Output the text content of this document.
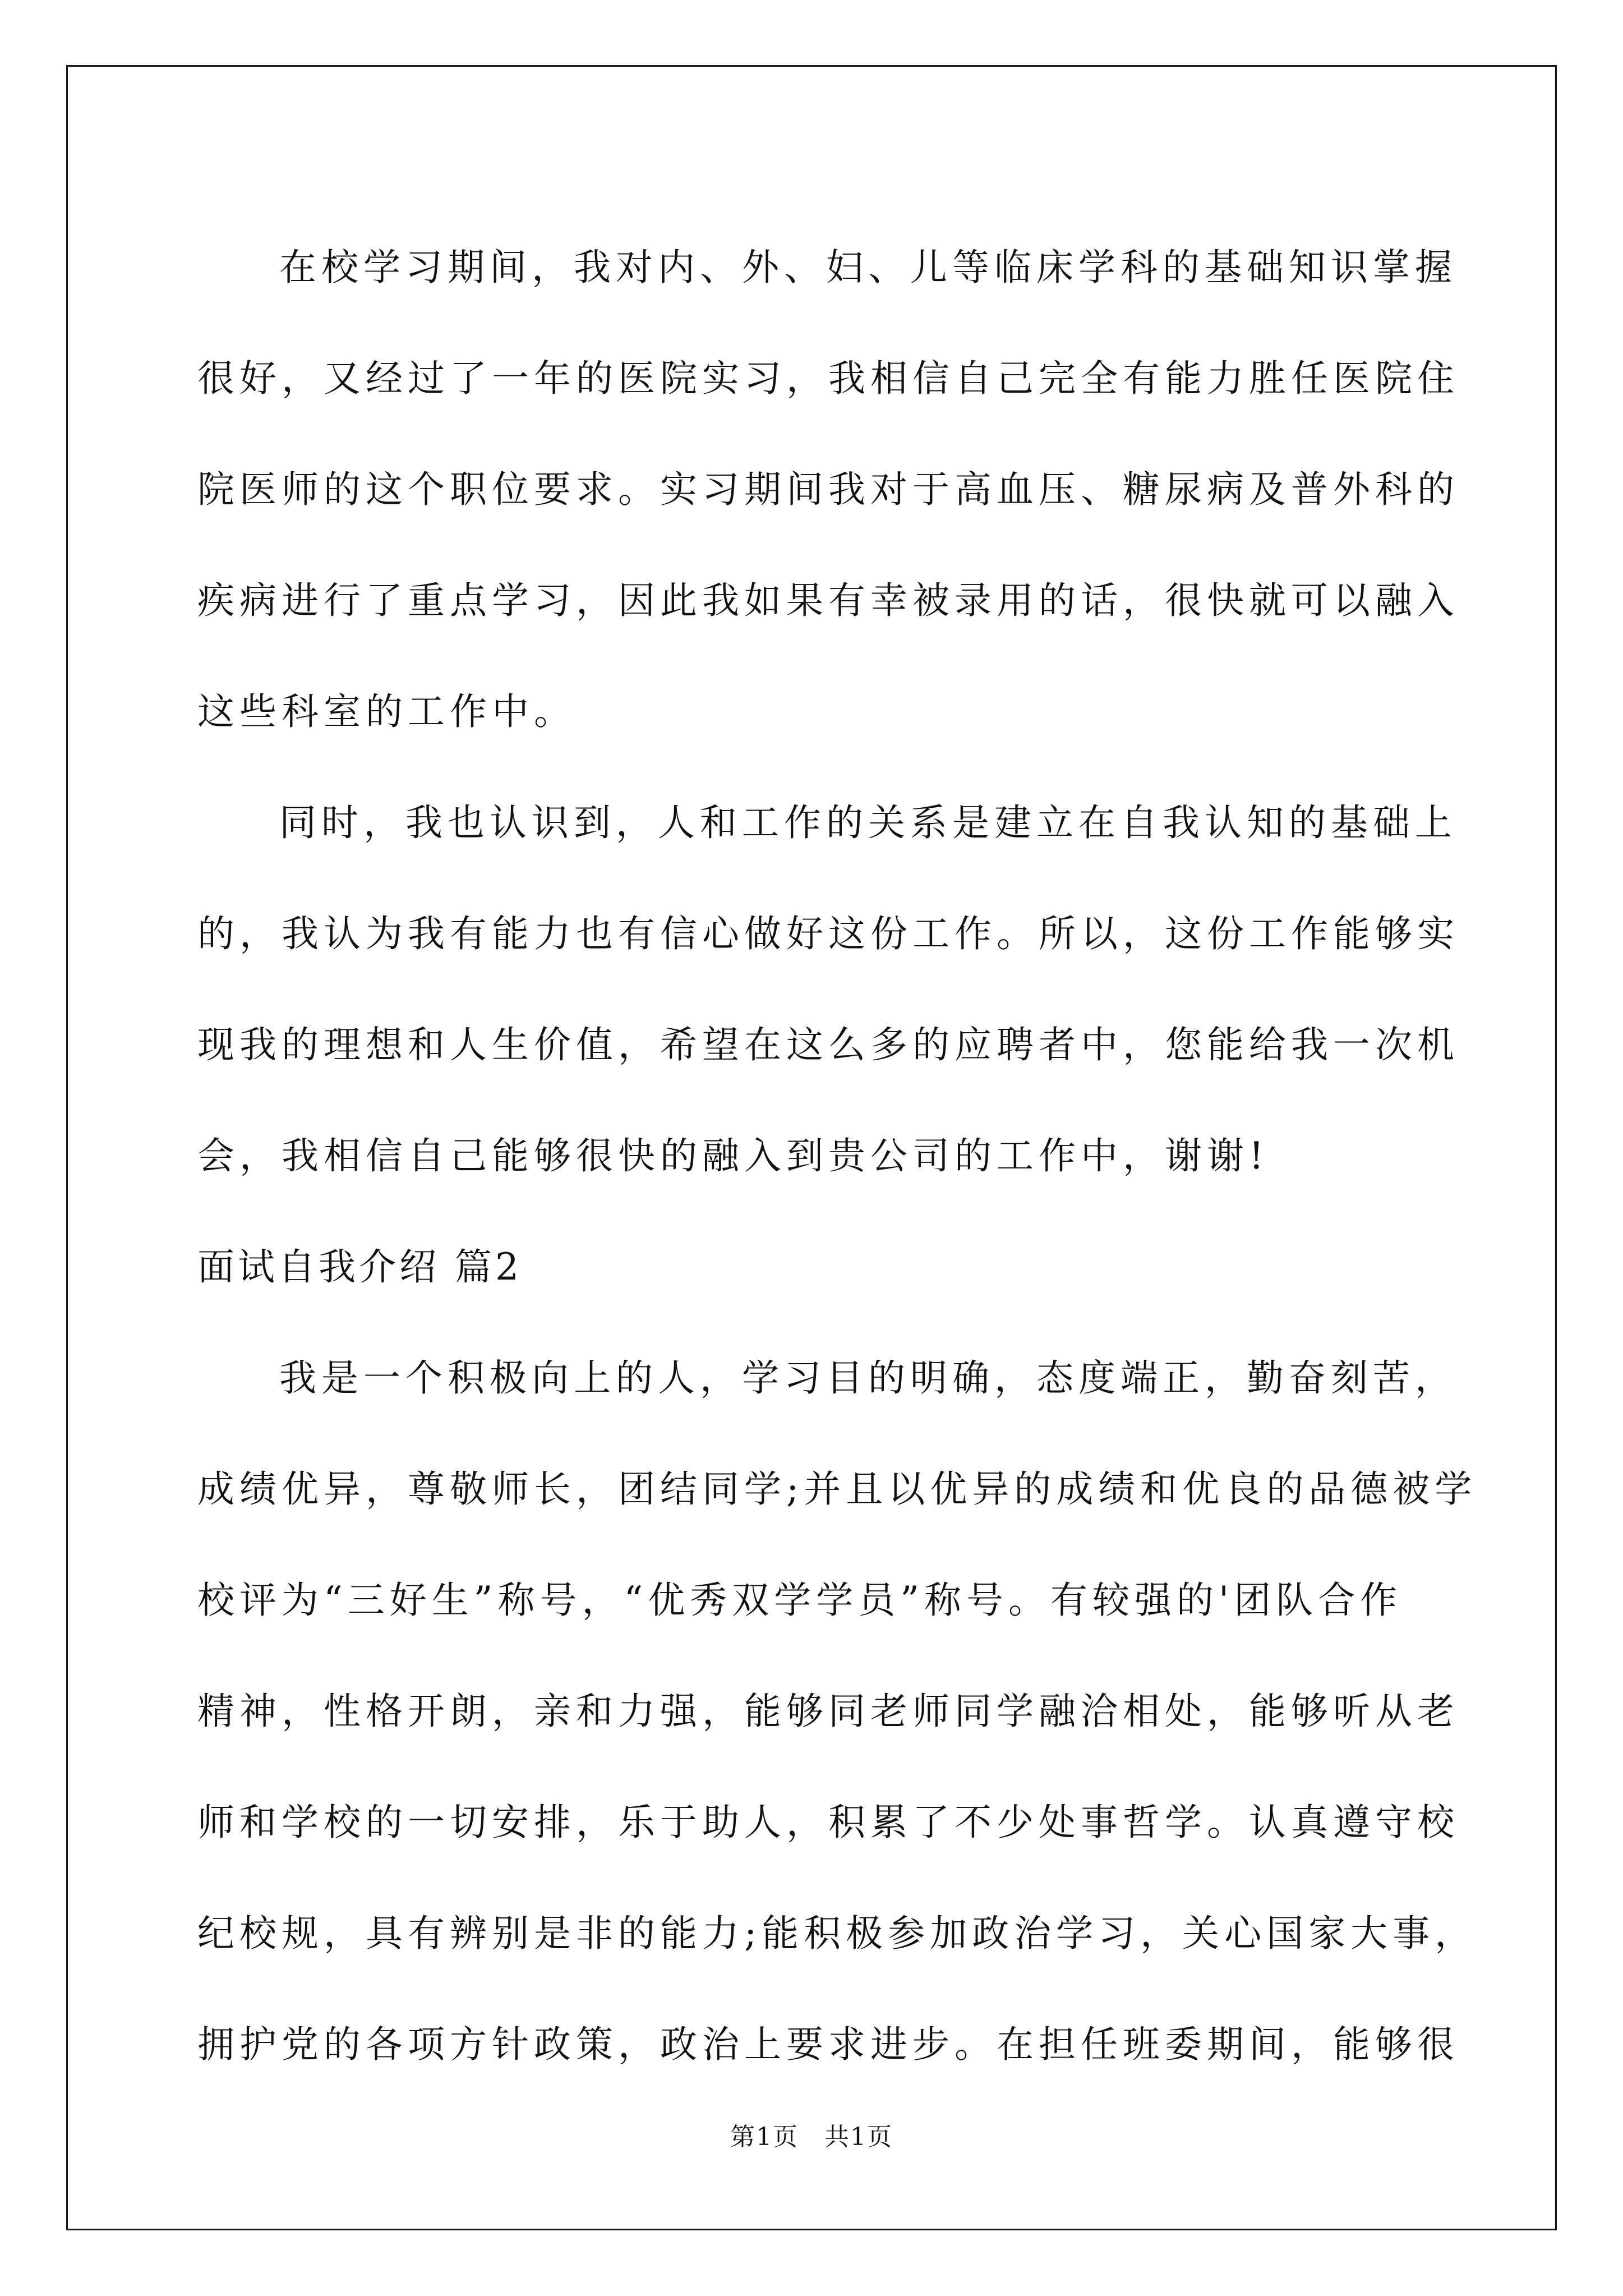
在校学习期间，我对内、外、妇、儿等临床学科的基础知识掌握
很好，又经过了一年的医院实习，我相信自己完全有能力胜任医院住
院医师的这个职位要求。实习期间我对于高血压、糖尿病及普外科的
疾病进行了重点学习，因此我如果有幸被录用的话，很快就可以融入
这些科室的工作中。
同时，我也认识到，人和工作的关系是建立在自我认知的基础上
的，我认为我有能力也有信心做好这份工作。所以，这份工作能够实
现我的理想和人生价值，希望在这么多的应聘者中，您能给我一次机
会，我相信自己能够很快的融入到贵公司的工作中，谢谢!
面试自我介绍 篇2
我是一个积极向上的人，学习目的明确，态度端正，勤奋刻苦，
成绩优异，尊敬师长，团结同学;并且以优异的成绩和优良的品德被学
校评为“三好生”称号，“优秀双学学员”称号。有较强的'团队合作
精神，性格开朗，亲和力强，能够同老师同学融洽相处，能够听从老
师和学校的一切安排，乐于助人，积累了不少处事哲学。认真遵守校
纪校规，具有辨别是非的能力;能积极参加政治学习，关心国家大事，
拥护党的各项方针政策，政治上要求进步。在担任班委期间，能够很
第1页　共1页
